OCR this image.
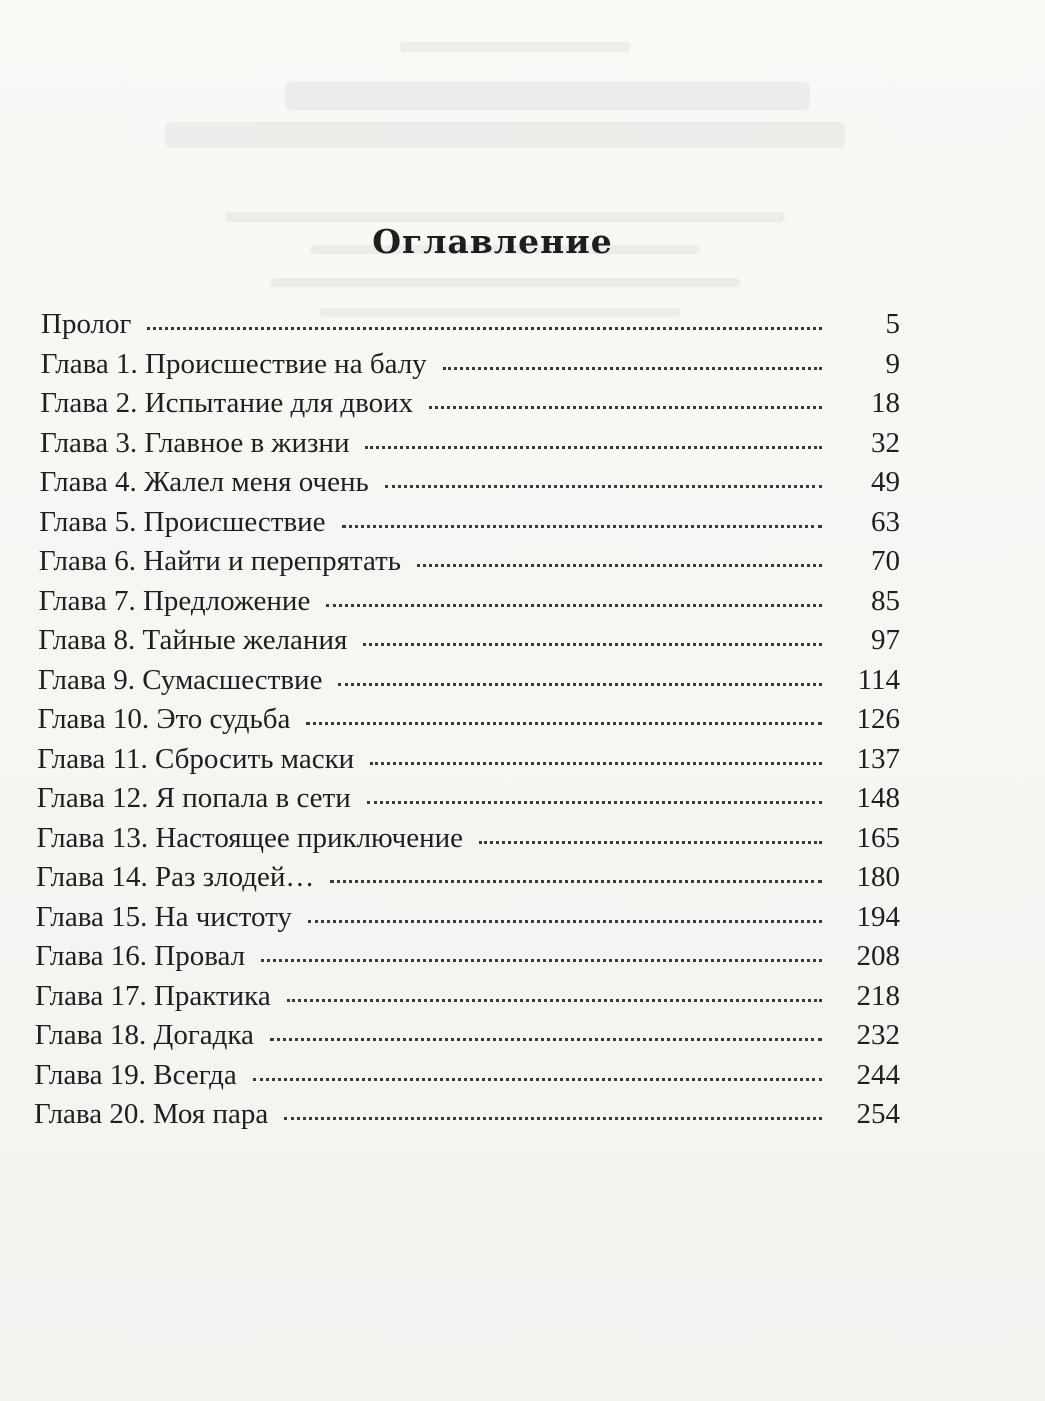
Оглавление
Пролог	5
Глава 1. Происшествие на балу	9
Глава 2. Испытание для двоих	18
Глава 3. Главное в жизни	32
Глава 4. Жалел меня очень	49
Глава 5. Происшествие	63
Глава 6. Найти и перепрятать	70
Глава 7. Предложение	85
Глава 8. Тайные желания	97
Глава 9. Сумасшествие	114
Глава 10. Это судьба	126
Глава 11. Сбросить маски	137
Глава 12. Я попала в сети	148
Глава 13. Настоящее приключение	165
Глава 14. Раз злодей…	180
Глава 15. На чистоту	194
Глава 16. Провал	208
Глава 17. Практика	218
Глава 18. Догадка	232
Глава 19. Всегда	244
Глава 20. Моя пара	254
